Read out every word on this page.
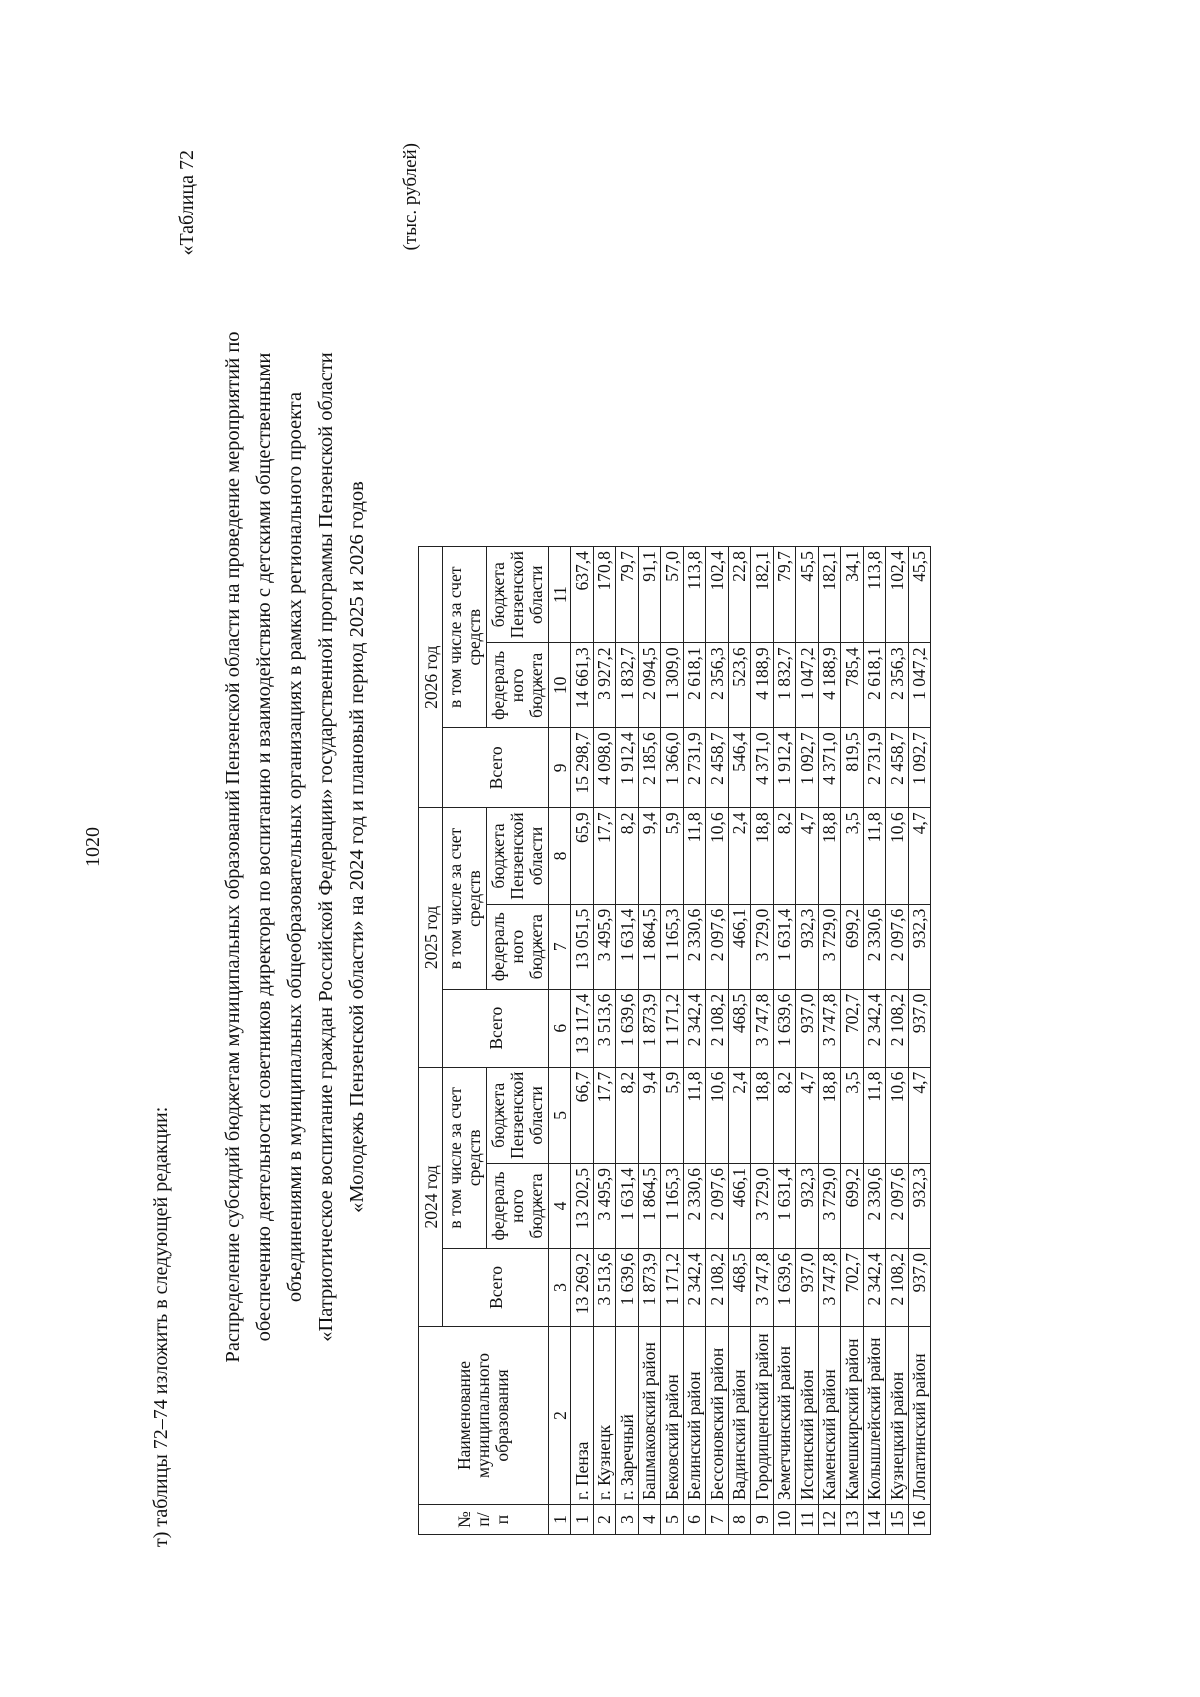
1020
т) таблицы 72–74 изложить в следующей редакции:
«Таблица 72
Распределение субсидий бюджетам муниципальных образований Пензенской области на проведение мероприятий по обеспечению деятельности советников директора по воспитанию и взаимодействию с детскими общественными объединениями в муниципальных общеобразовательных организациях в рамках регионального проекта «Патриотическое воспитание граждан Российской Федерации» государственной программы Пензенской области «Молодежь Пензенской области» на 2024 год и плановый период 2025 и 2026 годов
(тыс. рублей)
№ п/п	Наименование муниципального образования	2024 год			2025 год			2026 год		
		Всего	в том числе за счет средств		Всего	в том числе за счет средств		Всего	в том числе за счет средств	
			федераль ного бюджета	бюджета Пензенской области		федераль ного бюджета	бюджета Пензенской области		федераль ного бюджета	бюджета Пензенской области
1	2	3	4	5	6	7	8	9	10	11
1	г. Пенза	13 269,2	13 202,5	66,7	13 117,4	13 051,5	65,9	15 298,7	14 661,3	637,4
2	г. Кузнецк	3 513,6	3 495,9	17,7	3 513,6	3 495,9	17,7	4 098,0	3 927,2	170,8
3	г. Заречный	1 639,6	1 631,4	8,2	1 639,6	1 631,4	8,2	1 912,4	1 832,7	79,7
4	Башмаковский район	1 873,9	1 864,5	9,4	1 873,9	1 864,5	9,4	2 185,6	2 094,5	91,1
5	Бековский район	1 171,2	1 165,3	5,9	1 171,2	1 165,3	5,9	1 366,0	1 309,0	57,0
6	Белинский район	2 342,4	2 330,6	11,8	2 342,4	2 330,6	11,8	2 731,9	2 618,1	113,8
7	Бессоновский район	2 108,2	2 097,6	10,6	2 108,2	2 097,6	10,6	2 458,7	2 356,3	102,4
8	Вадинский район	468,5	466,1	2,4	468,5	466,1	2,4	546,4	523,6	22,8
9	Городищенский район	3 747,8	3 729,0	18,8	3 747,8	3 729,0	18,8	4 371,0	4 188,9	182,1
10	Земетчинский район	1 639,6	1 631,4	8,2	1 639,6	1 631,4	8,2	1 912,4	1 832,7	79,7
11	Иссинский район	937,0	932,3	4,7	937,0	932,3	4,7	1 092,7	1 047,2	45,5
12	Каменский район	3 747,8	3 729,0	18,8	3 747,8	3 729,0	18,8	4 371,0	4 188,9	182,1
13	Камешкирский район	702,7	699,2	3,5	702,7	699,2	3,5	819,5	785,4	34,1
14	Колышлейский район	2 342,4	2 330,6	11,8	2 342,4	2 330,6	11,8	2 731,9	2 618,1	113,8
15	Кузнецкий район	2 108,2	2 097,6	10,6	2 108,2	2 097,6	10,6	2 458,7	2 356,3	102,4
16	Лопатинский район	937,0	932,3	4,7	937,0	932,3	4,7	1 092,7	1 047,2	45,5
